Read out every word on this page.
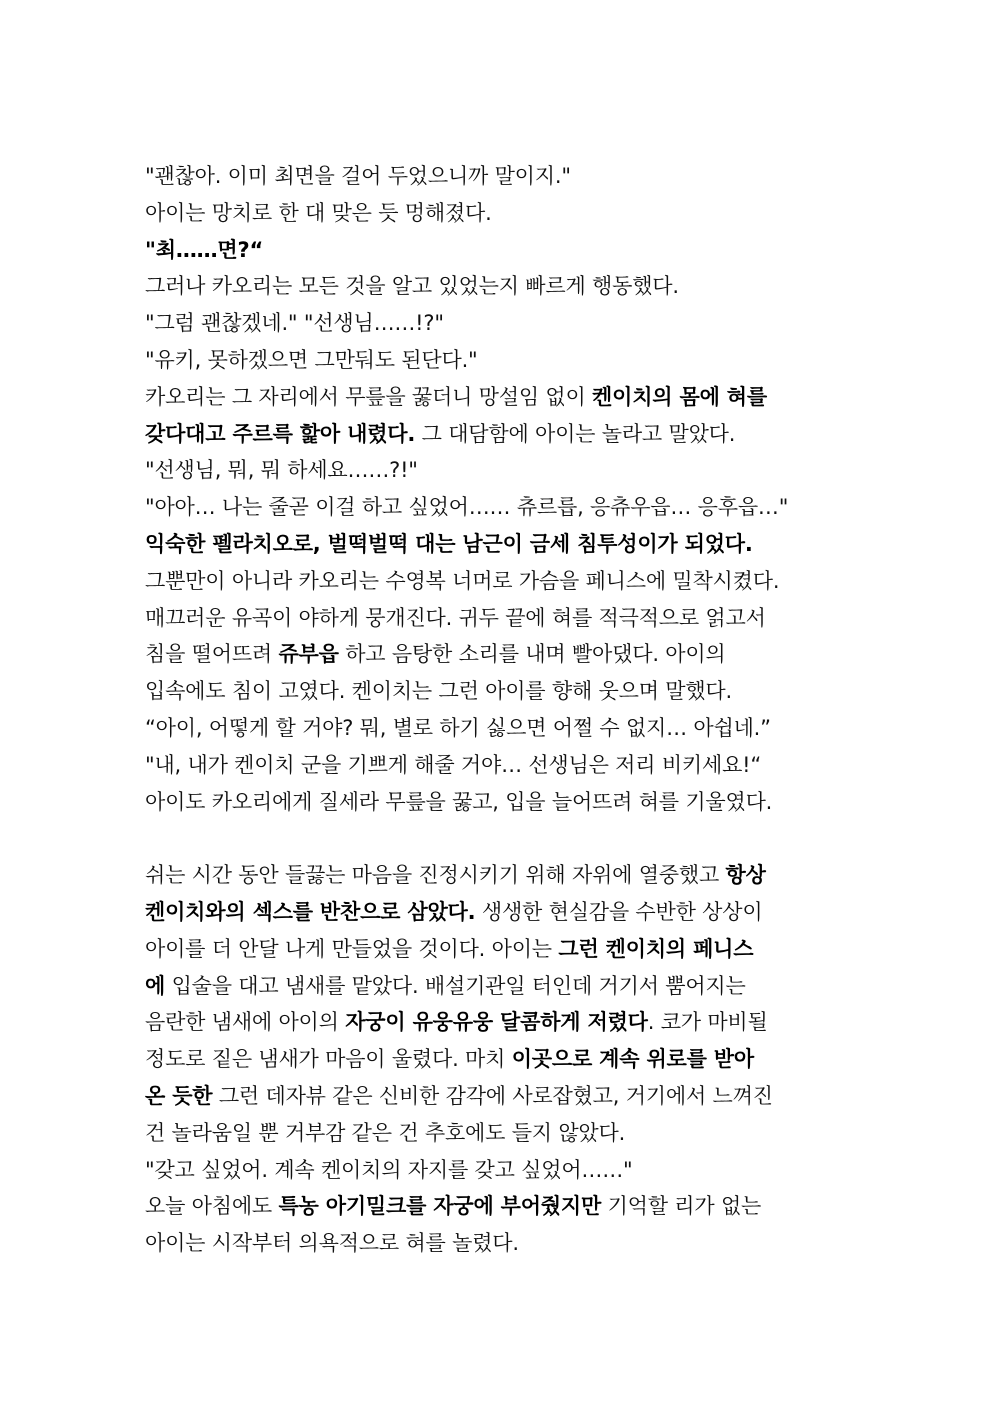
"괜찮아. 이미 최면을 걸어 두었으니까 말이지."
아이는 망치로 한 대 맞은 듯 멍해졌다.
"최……면?“
그러나 카오리는 모든 것을 알고 있었는지 빠르게 행동했다.
"그럼 괜찮겠네." "선생님……!?"
"유키, 못하겠으면 그만둬도 된단다."
카오리는 그 자리에서 무릎을 꿇더니 망설임 없이 켄이치의 몸에 혀를
갖다대고 주르륵 핥아 내렸다. 그 대담함에 아이는 놀라고 말았다.
"선생님, 뭐, 뭐 하세요……?!"
"아아… 나는 줄곧 이걸 하고 싶었어…… 츄르릅, 응츄우읍… 응후읍…"
익숙한 펠라치오로, 벌떡벌떡 대는 남근이 금세 침투성이가 되었다.
그뿐만이 아니라 카오리는 수영복 너머로 가슴을 페니스에 밀착시켰다.
매끄러운 유곡이 야하게 뭉개진다. 귀두 끝에 혀를 적극적으로 얽고서
침을 떨어뜨려 쥬부읍 하고 음탕한 소리를 내며 빨아댔다. 아이의
입속에도 침이 고였다. 켄이치는 그런 아이를 향해 웃으며 말했다.
“아이, 어떻게 할 거야? 뭐, 별로 하기 싫으면 어쩔 수 없지… 아쉽네.”
"내, 내가 켄이치 군을 기쁘게 해줄 거야… 선생님은 저리 비키세요!“
아이도 카오리에게 질세라 무릎을 꿇고, 입을 늘어뜨려 혀를 기울였다.
쉬는 시간 동안 들끓는 마음을 진정시키기 위해 자위에 열중했고 항상
켄이치와의 섹스를 반찬으로 삼았다. 생생한 현실감을 수반한 상상이
아이를 더 안달 나게 만들었을 것이다. 아이는 그런 켄이치의 페니스
에 입술을 대고 냄새를 맡았다. 배설기관일 터인데 거기서 뿜어지는
음란한 냄새에 아이의 자궁이 유웅유웅 달콤하게 저렸다. 코가 마비될
정도로 짙은 냄새가 마음이 울렸다. 마치 이곳으로 계속 위로를 받아
온 듯한 그런 데자뷰 같은 신비한 감각에 사로잡혔고, 거기에서 느껴진
건 놀라움일 뿐 거부감 같은 건 추호에도 들지 않았다.
"갖고 싶었어. 계속 켄이치의 자지를 갖고 싶었어……"
오늘 아침에도 특농 아기밀크를 자궁에 부어줬지만 기억할 리가 없는
아이는 시작부터 의욕적으로 혀를 놀렸다.
